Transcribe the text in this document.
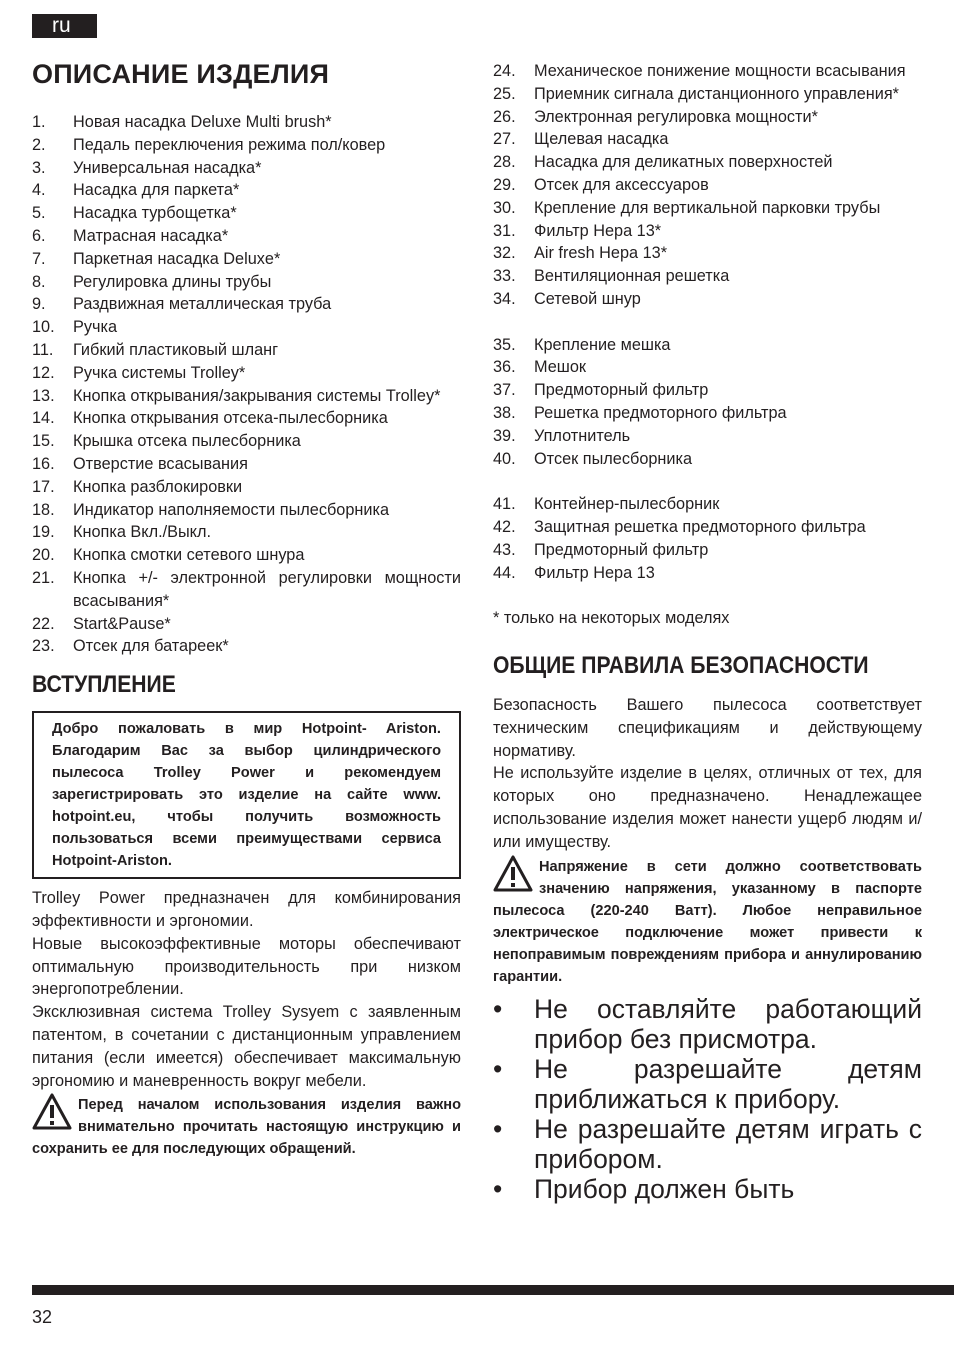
ru
ОПИСАНИЕ ИЗДЕЛИЯ
1. Новая насадка Deluxe Multi brush*
2. Педаль переключения режима пол/ковер
3. Универсальная насадка*
4. Насадка для паркета*
5. Насадка турбощетка*
6. Матрасная насадка*
7. Паркетная насадка Deluxe*
8. Регулировка длины трубы
9. Раздвижная металлическая труба
10. Ручка
11. Гибкий пластиковый шланг
12. Ручка системы Trolley*
13. Кнопка открывания/закрывания системы Trolley*
14. Кнопка открывания отсека-пылесборника
15. Крышка отсека пылесборника
16. Отверстие всасывания
17. Кнопка разблокировки
18. Индикатор наполняемости пылесборника
19. Кнопка Вкл./Выкл.
20. Кнопка смотки сетевого шнура
21. Кнопка +/- электронной регулировки мощности всасывания*
22. Start&Pause*
23. Отсек для батареек*
ВСТУПЛЕНИЕ
Добро пожаловать в мир Hotpoint- Ariston. Благодарим Вас за выбор цилиндрического пылесоса Trolley Power и рекомендуем зарегистрировать это изделие на сайте www. hotpoint.eu, чтобы получить возможность пользоваться всеми преимуществами сервиса Hotpoint-Ariston.

Trolley Power предназначен для комбинирования эффективности и эргономии.

Новые высокоэффективные моторы обеспечивают оптимальную производительность при низком энергопотреблении.

Эксклюзивная система Trolley Sysyem с заявленным патентом, в сочетании с дистанционным управлением питания (если имеется) обеспечивает максимальную эргономию и маневренность вокруг мебели.

Перед началом использования изделия важно внимательно прочитать настоящую инструкцию и сохранить ее для последующих обращений.
24. Механическое понижение мощности всасывания
25. Приемник сигнала дистанционного управления*
26. Электронная регулировка мощности*
27. Щелевая насадка
28. Насадка для деликатных поверхностей
29. Отсек для аксессуаров
30. Крепление для вертикальной парковки трубы
31. Фильтр Hepa 13*
32. Air fresh Hepa 13*
33. Вентиляционная решетка
34. Сетевой шнур
35. Крепление мешка
36. Мешок
37. Предмоторный фильтр
38. Решетка предмоторного фильтра
39. Уплотнитель
40. Отсек пылесборника
41. Контейнер-пылесборник
42. Защитная решетка предмоторного фильтра
43. Предмоторный фильтр
44. Фильтр Hepa 13
* только на некоторых моделях
ОБЩИЕ ПРАВИЛА БЕЗОПАСНОСТИ

Безопасность Вашего пылесоса соответствует техническим спецификациям и действующему нормативу.

Не используйте изделие в целях, отличных от тех, для которых оно предназначено. Ненадлежащее использование изделия может нанести ущерб людям и/или имуществу.

Напряжение в сети должно соответствовать значению напряжения, указанному в паспорте пылесоса (220-240 Ватт). Любое неправильное электрическое подключение может привести к непоправимым повреждениям прибора и аннулированию гарантии.
• Не оставляйте работающий прибор без присмотра.
• Не разрешайте детям приближаться к прибору.
• Не разрешайте детям играть с прибором.
• Прибор должен быть
32
